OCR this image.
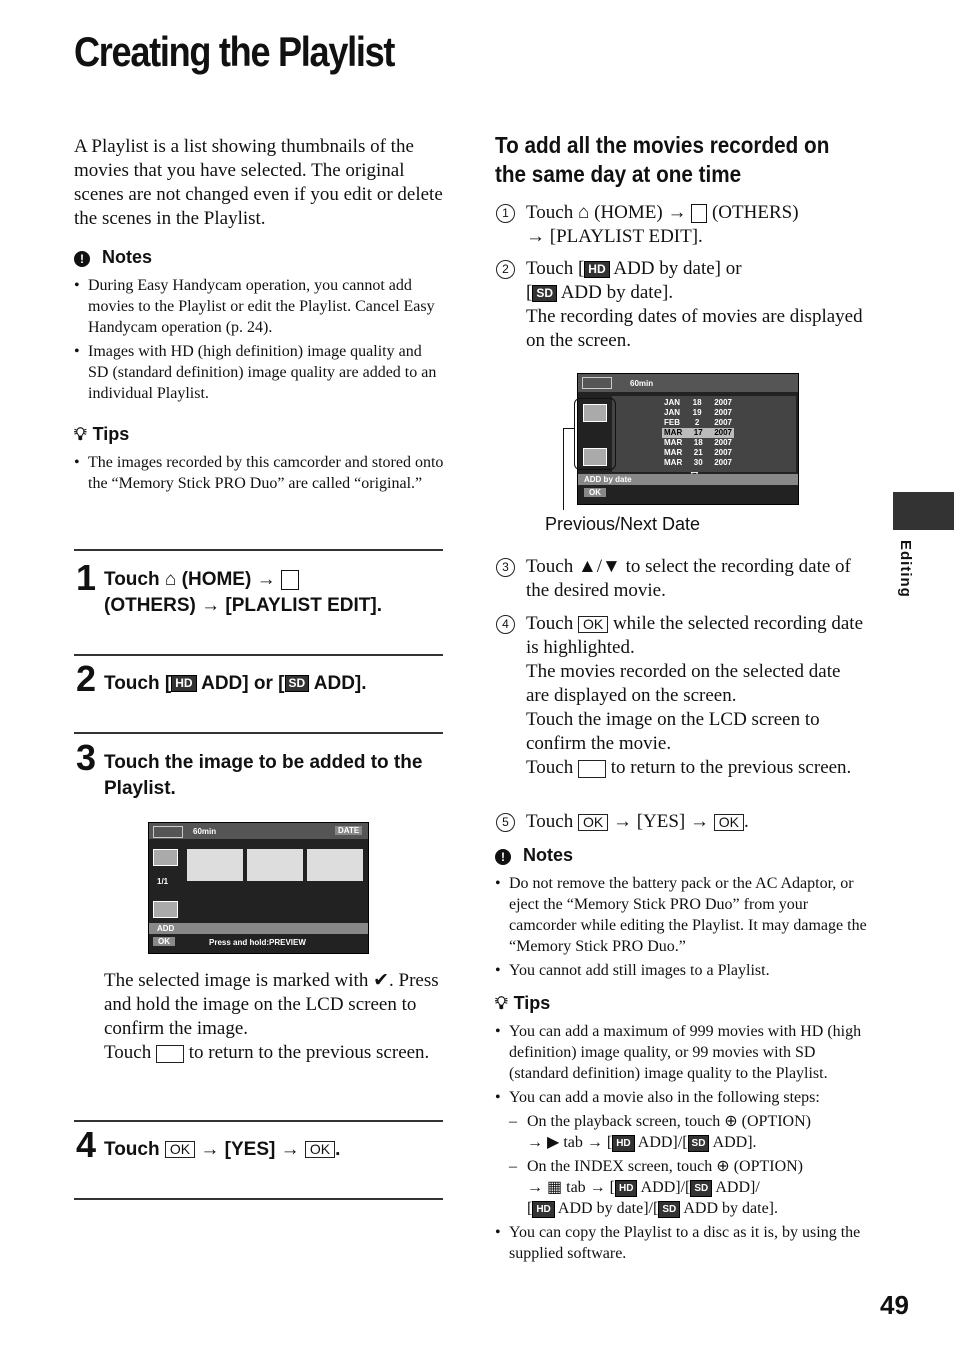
Creating the Playlist
Editing
49
A Playlist is a list showing thumbnails of the movies that you have selected. The original scenes are not changed even if you edit or delete the scenes in the Playlist.
! Notes
• During Easy Handycam operation, you cannot add movies to the Playlist or edit the Playlist. Cancel Easy Handycam operation (p. 24).
• Images with HD (high definition) image quality and SD (standard definition) image quality are added to an individual Playlist.
💡︎ Tips
• The images recorded by this camcorder and stored onto the “Memory Stick PRO Duo” are called “original.”
1 Touch ⌂ (HOME) →
(OTHERS) → [PLAYLIST EDIT].
2 Touch [ HD ADD] or [ SD ADD].
3 Touch the image to be added to the Playlist.
60min	DATE
1/1
ADD
OK	Press and hold:PREVIEW
The selected image is marked with ✔. Press and hold the image on the LCD screen to confirm the image.
Touch to return to the previous screen.
4 Touch OK → [YES] → OK .
To add all the movies recorded on the same day at one time
1 Touch ⌂ (HOME) → (OTHERS)
→ [PLAYLIST EDIT].
2 Touch [ HD ADD by date] or
[ SD ADD by date].
The recording dates of movies are displayed on the screen.
60min
JAN 18 2007
JAN 19 2007
FEB 2 2007
MAR 17 2007
MAR 18 2007
MAR 21 2007
MAR 30 2007
ADD by date
OK
Previous/Next Date
3 Touch ▲/▼ to select the recording date of the desired movie.
4 Touch OK while the selected recording date is highlighted.
The movies recorded on the selected date are displayed on the screen.
Touch the image on the LCD screen to confirm the movie.
Touch to return to the previous screen.
5 Touch OK → [YES] → OK .
! Notes
• Do not remove the battery pack or the AC Adaptor, or eject the “Memory Stick PRO Duo” from your camcorder while editing the Playlist. It may damage the “Memory Stick PRO Duo.”
• You cannot add still images to a Playlist.
💡︎ Tips
• You can add a maximum of 999 movies with HD (high definition) image quality, or 99 movies with SD (standard definition) image quality to the Playlist.
• You can add a movie also in the following steps:
– On the playback screen, touch ⊕ (OPTION)
→ ▶ tab → [ HD ADD]/[ SD ADD].
– On the INDEX screen, touch ⊕ (OPTION)
→ ▦ tab → [ HD ADD]/[ SD ADD]/
[ HD ADD by date]/[ SD ADD by date].
• You can copy the Playlist to a disc as it is, by using the supplied software.
